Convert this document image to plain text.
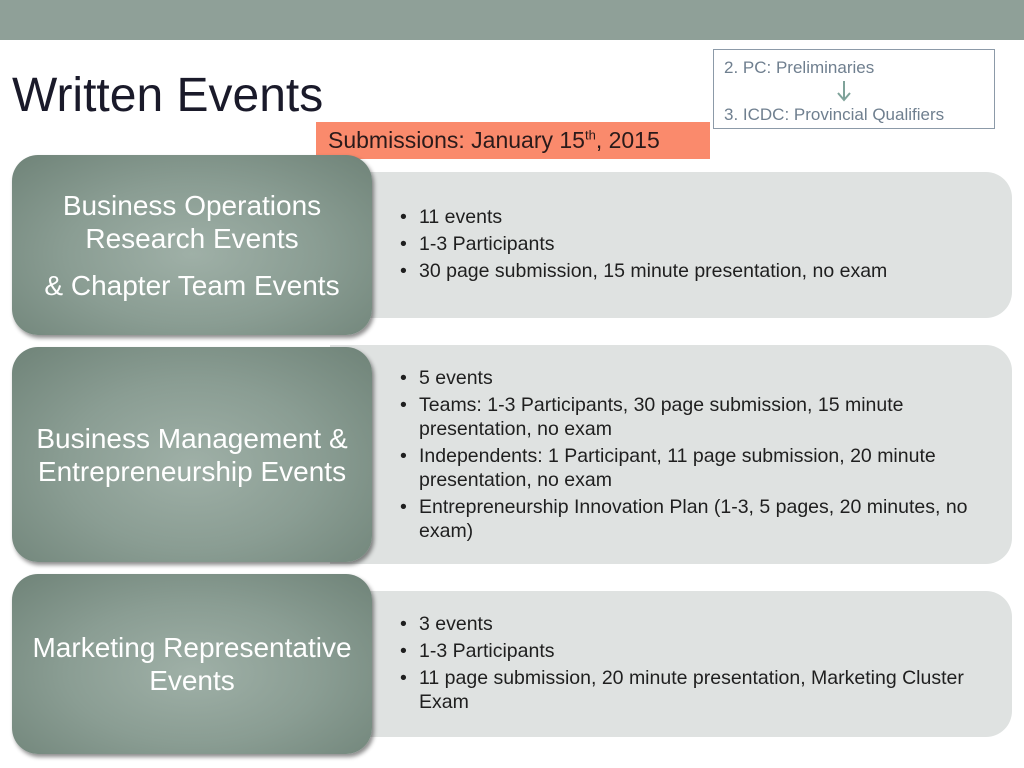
Written Events
2. PC: Preliminaries
3. ICDC: Provincial Qualifiers
Submissions: January 15th, 2015
Business Operations Research Events
& Chapter Team Events
• 11 events
• 1-3 Participants
• 30 page submission, 15 minute presentation, no exam
Business Management & Entrepreneurship Events
• 5 events
• Teams: 1-3 Participants, 30 page submission, 15 minute presentation, no exam
• Independents: 1 Participant, 11 page submission, 20 minute presentation, no exam
• Entrepreneurship Innovation Plan (1-3, 5 pages, 20 minutes, no exam)
Marketing Representative Events
• 3 events
• 1-3 Participants
• 11 page submission, 20 minute presentation, Marketing Cluster Exam
